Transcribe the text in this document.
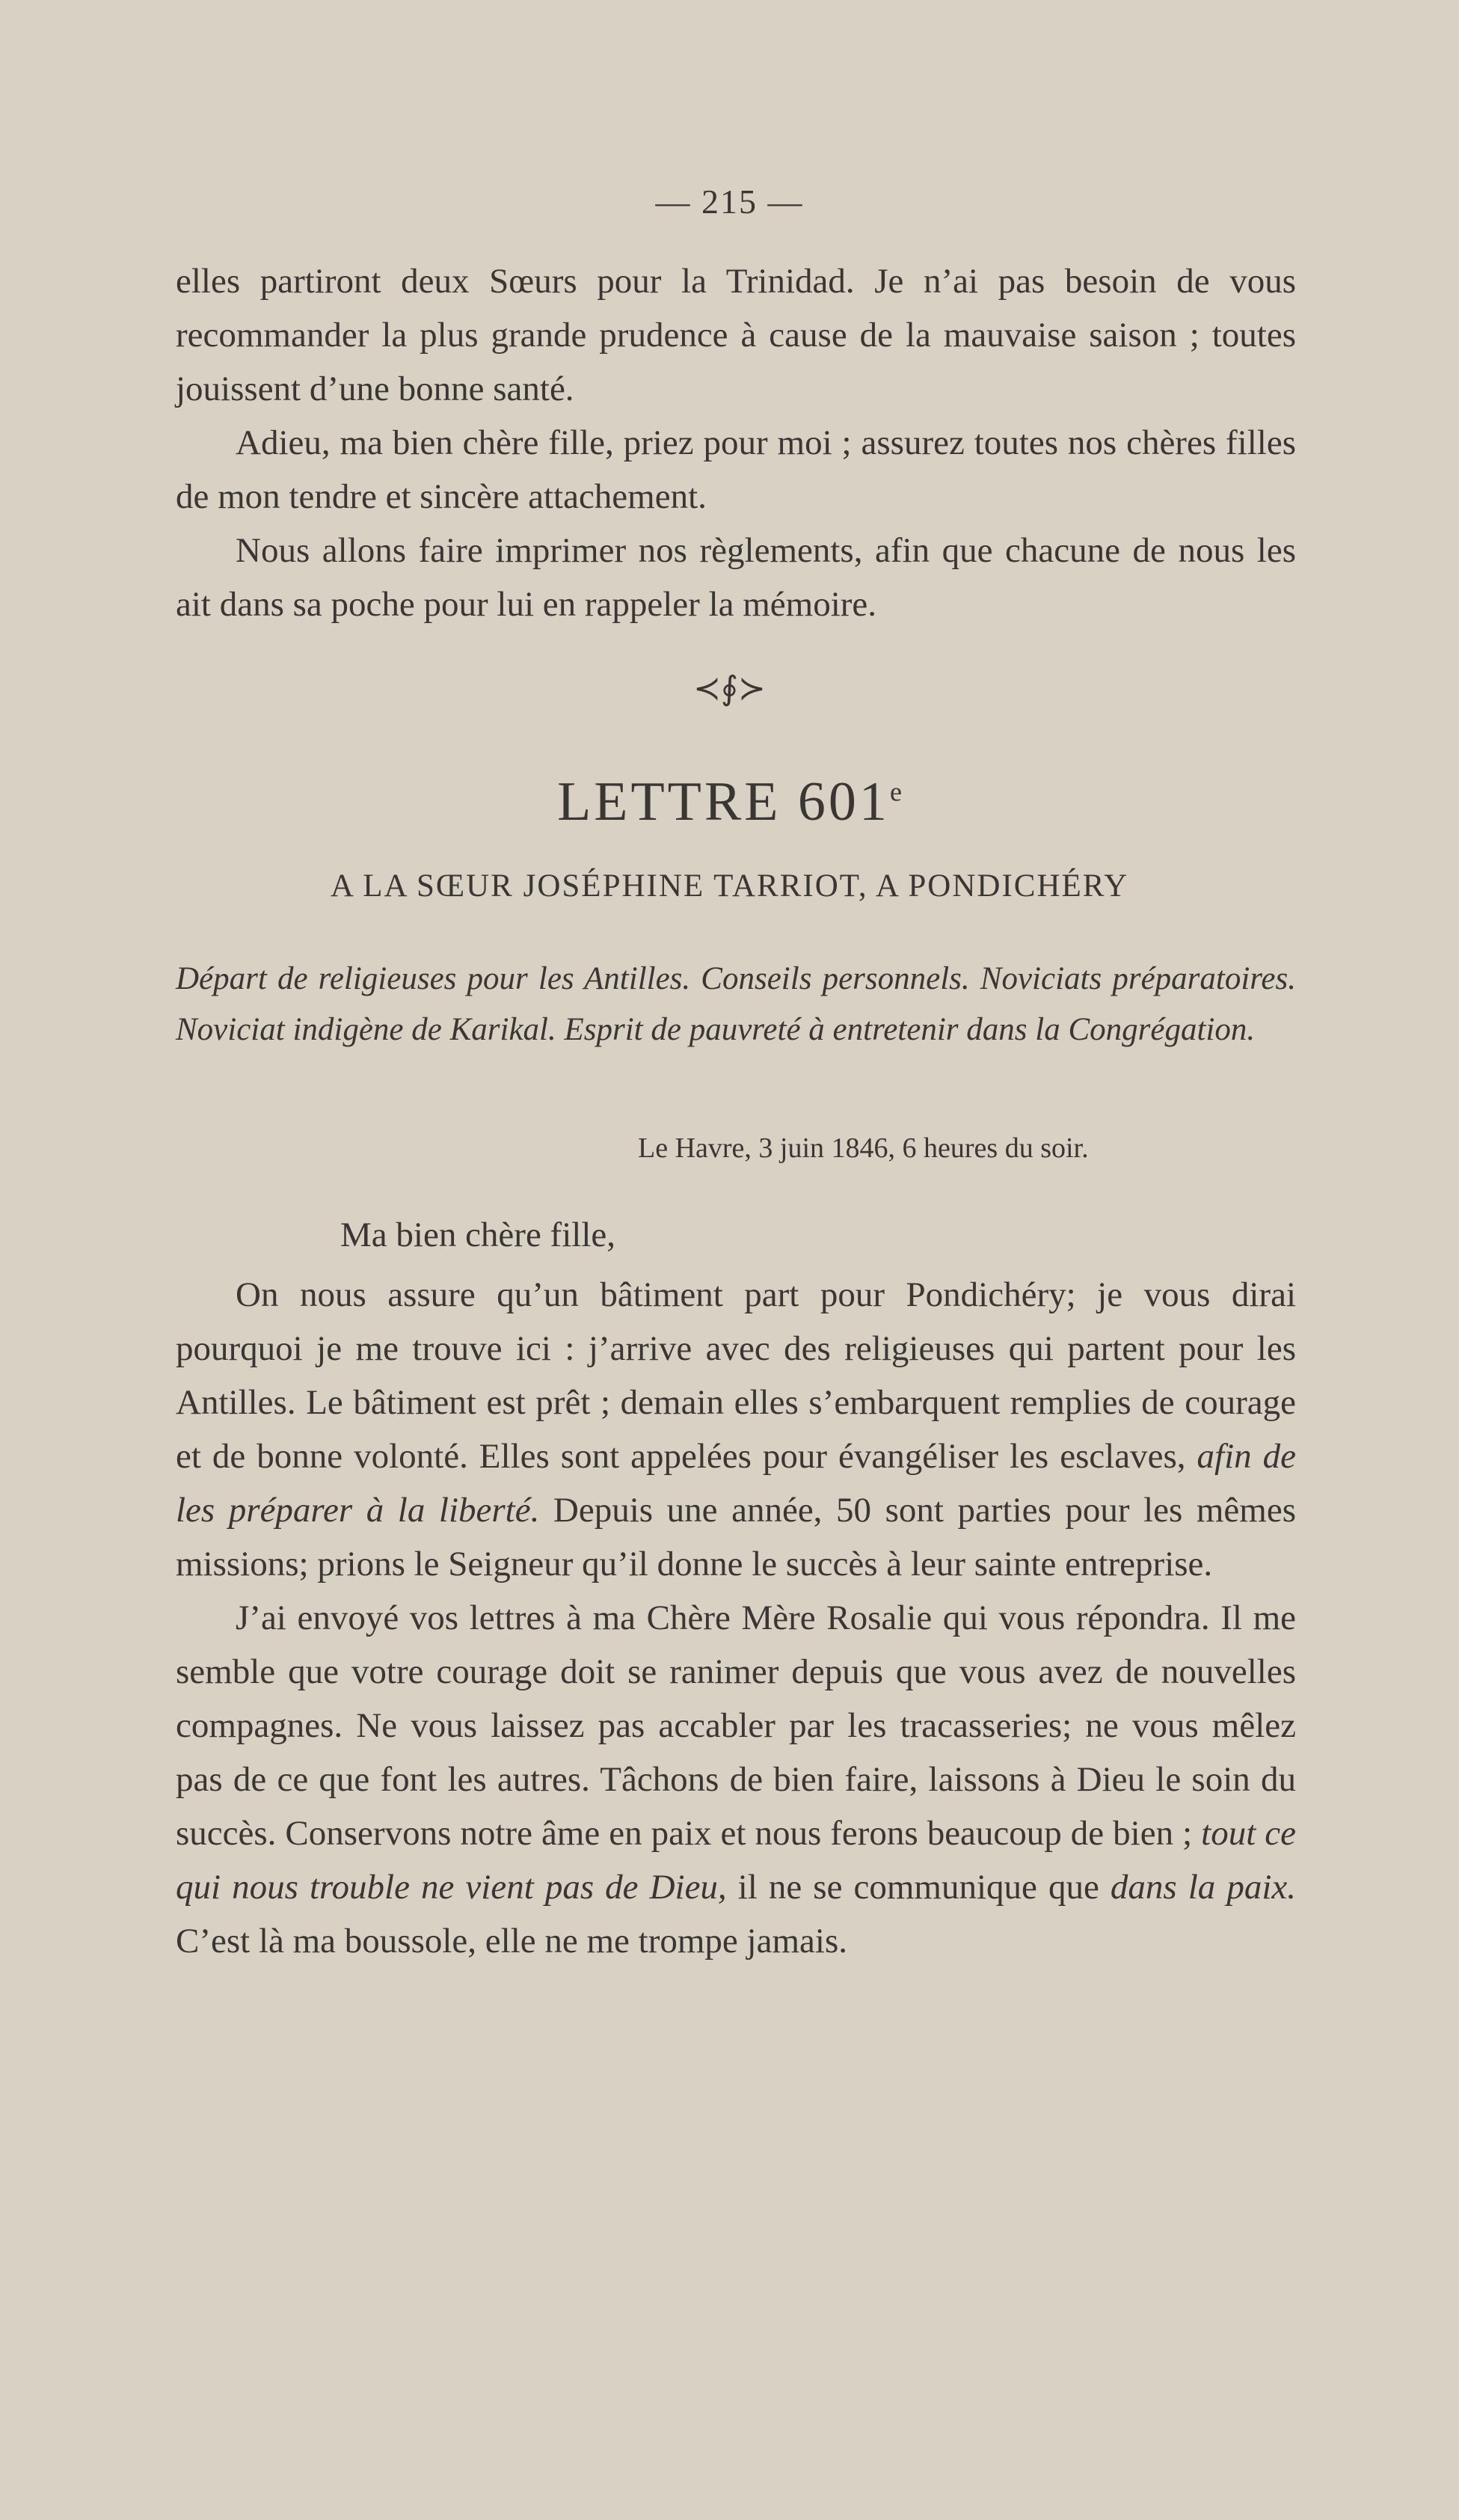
— 215 —

elles partiront deux Sœurs pour la Trinidad. Je n’ai pas besoin de vous recommander la plus grande prudence à cause de la mauvaise saison ; toutes jouissent d’une bonne santé.

Adieu, ma bien chère fille, priez pour moi ; assurez toutes nos chères filles de mon tendre et sincère attachement.

Nous allons faire imprimer nos règlements, afin que chacune de nous les ait dans sa poche pour lui en rappeler la mémoire.

≺∮≻
LETTRE 601e
A LA SŒUR JOSÉPHINE TARRIOT, A PONDICHÉRY
Départ de religieuses pour les Antilles. Conseils personnels. Noviciats préparatoires. Noviciat indigène de Karikal. Esprit de pauvreté à entretenir dans la Congrégation.
Le Havre, 3 juin 1846, 6 heures du soir.

Ma bien chère fille,

On nous assure qu’un bâtiment part pour Pondichéry; je vous dirai pourquoi je me trouve ici : j’arrive avec des religieuses qui partent pour les Antilles. Le bâtiment est prêt ; demain elles s’embarquent remplies de courage et de bonne volonté. Elles sont appelées pour évangéliser les esclaves, afin de les préparer à la liberté. Depuis une année, 50 sont parties pour les mêmes missions; prions le Seigneur qu’il donne le succès à leur sainte entreprise.

J’ai envoyé vos lettres à ma Chère Mère Rosalie qui vous répondra. Il me semble que votre courage doit se ranimer depuis que vous avez de nouvelles compagnes. Ne vous laissez pas accabler par les tracasseries; ne vous mêlez pas de ce que font les autres. Tâchons de bien faire, laissons à Dieu le soin du succès. Conservons notre âme en paix et nous ferons beaucoup de bien ; tout ce qui nous trouble ne vient pas de Dieu, il ne se communique que dans la paix. C’est là ma boussole, elle ne me trompe jamais.
